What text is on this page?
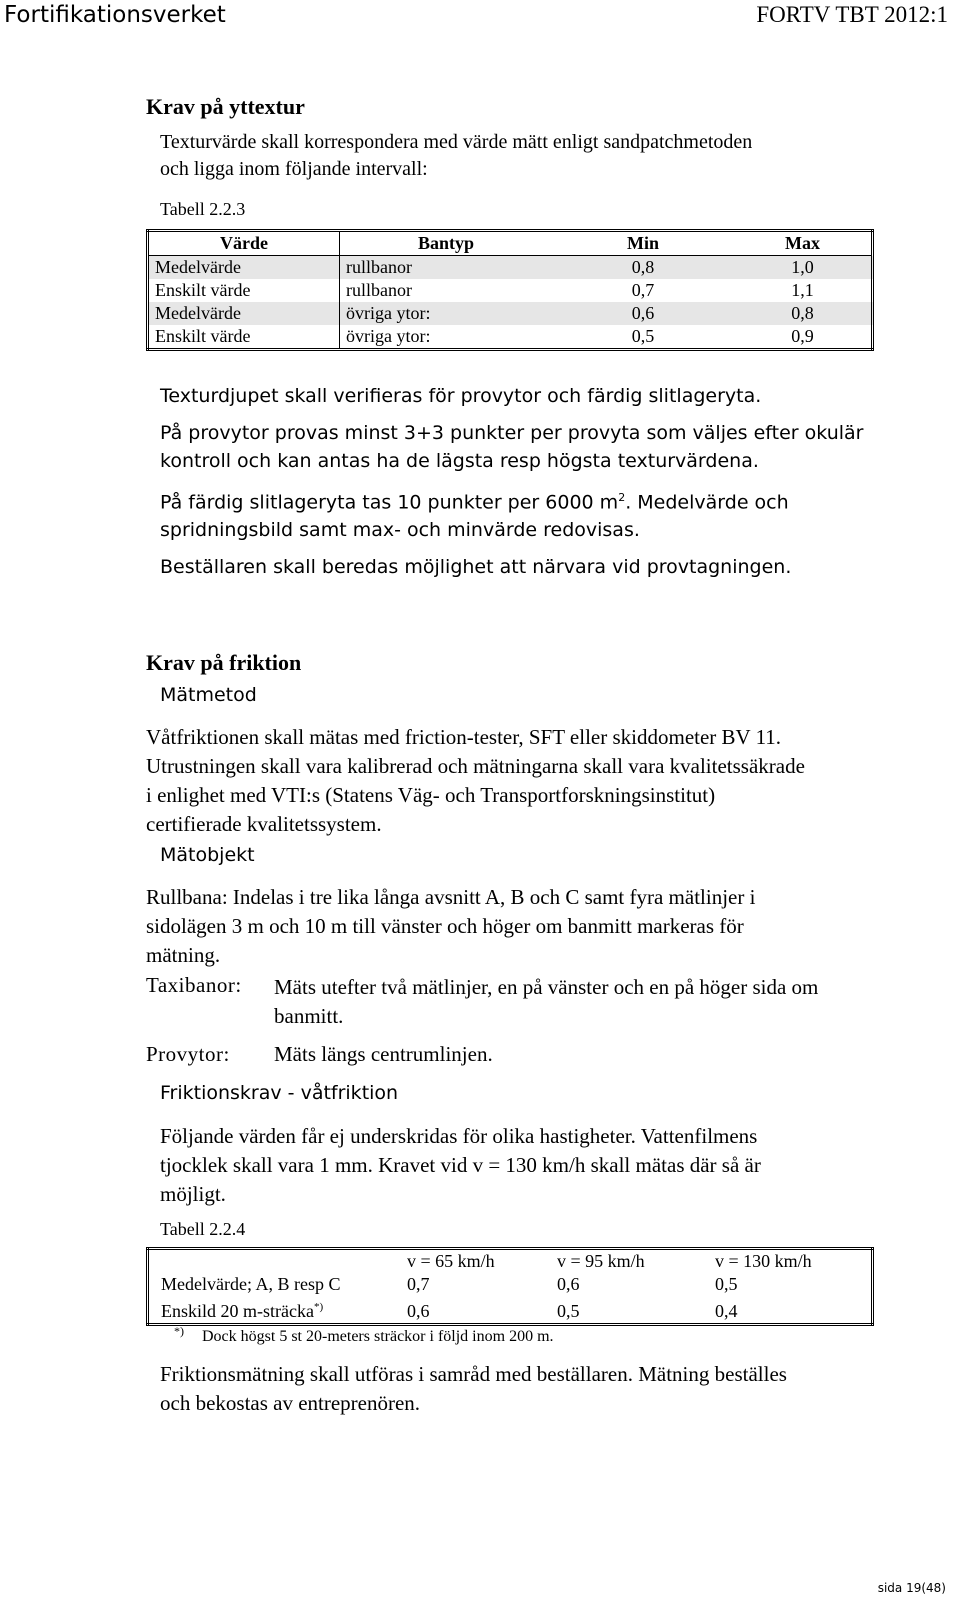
Fortifikationsverket	FORTV TBT 2012:1
Krav på yttextur
Texturvärde skall korrespondera med värde mätt enligt sandpatchmetoden
och ligga inom följande intervall:
Tabell 2.2.3
Värde	Bantyp	Min	Max
Medelvärde	rullbanor	0,8	1,0
Enskilt värde	rullbanor	0,7	1,1
Medelvärde	övriga ytor:	0,6	0,8
Enskilt värde	övriga ytor:	0,5	0,9
Texturdjupet skall verifieras för provytor och färdig slitlageryta.
På provytor provas minst 3+3 punkter per provyta som väljes efter okulär
kontroll och kan antas ha de lägsta resp högsta texturvärdena.
På färdig slitlageryta tas 10 punkter per 6000 $m^2$. Medelvärde och
spridningsbild samt max- och minvärde redovisas.
Beställaren skall beredas möjlighet att närvara vid provtagningen.
Krav på friktion
Mätmetod
Våtfriktionen skall mätas med friction-tester, SFT eller skiddometer BV 11.
Utrustningen skall vara kalibrerad och mätningarna skall vara kvalitetssäkrade
i enlighet med VTI:s (Statens Väg- och Transportforskningsinstitut)
certifierade kvalitetssystem.
Mätobjekt
Rullbana: Indelas i tre lika långa avsnitt A, B och C samt fyra mätlinjer i
sidolägen 3 m och 10 m till vänster och höger om banmitt markeras för
mätning.
Taxibanor: Mäts utefter två mätlinjer, en på vänster och en på höger sida om
banmitt.
Provytor: Mäts längs centrumlinjen.
Friktionskrav - våtfriktion
Följande värden får ej underskridas för olika hastigheter. Vattenfilmens
tjocklek skall vara 1 mm. Kravet vid v = 130 km/h skall mätas där så är
möjligt.
Tabell 2.2.4
	v = 65 km/h	v = 95 km/h	v = 130 km/h
Medelvärde; A, B resp C	0,7	0,6	0,5
Enskild 20 m-sträcka*)	0,6	0,5	0,4
*) Dock högst 5 st 20-meters sträckor i följd inom 200 m.
Friktionsmätning skall utföras i samråd med beställaren. Mätning beställes
och bekostas av entreprenören.
sida 19(48)
